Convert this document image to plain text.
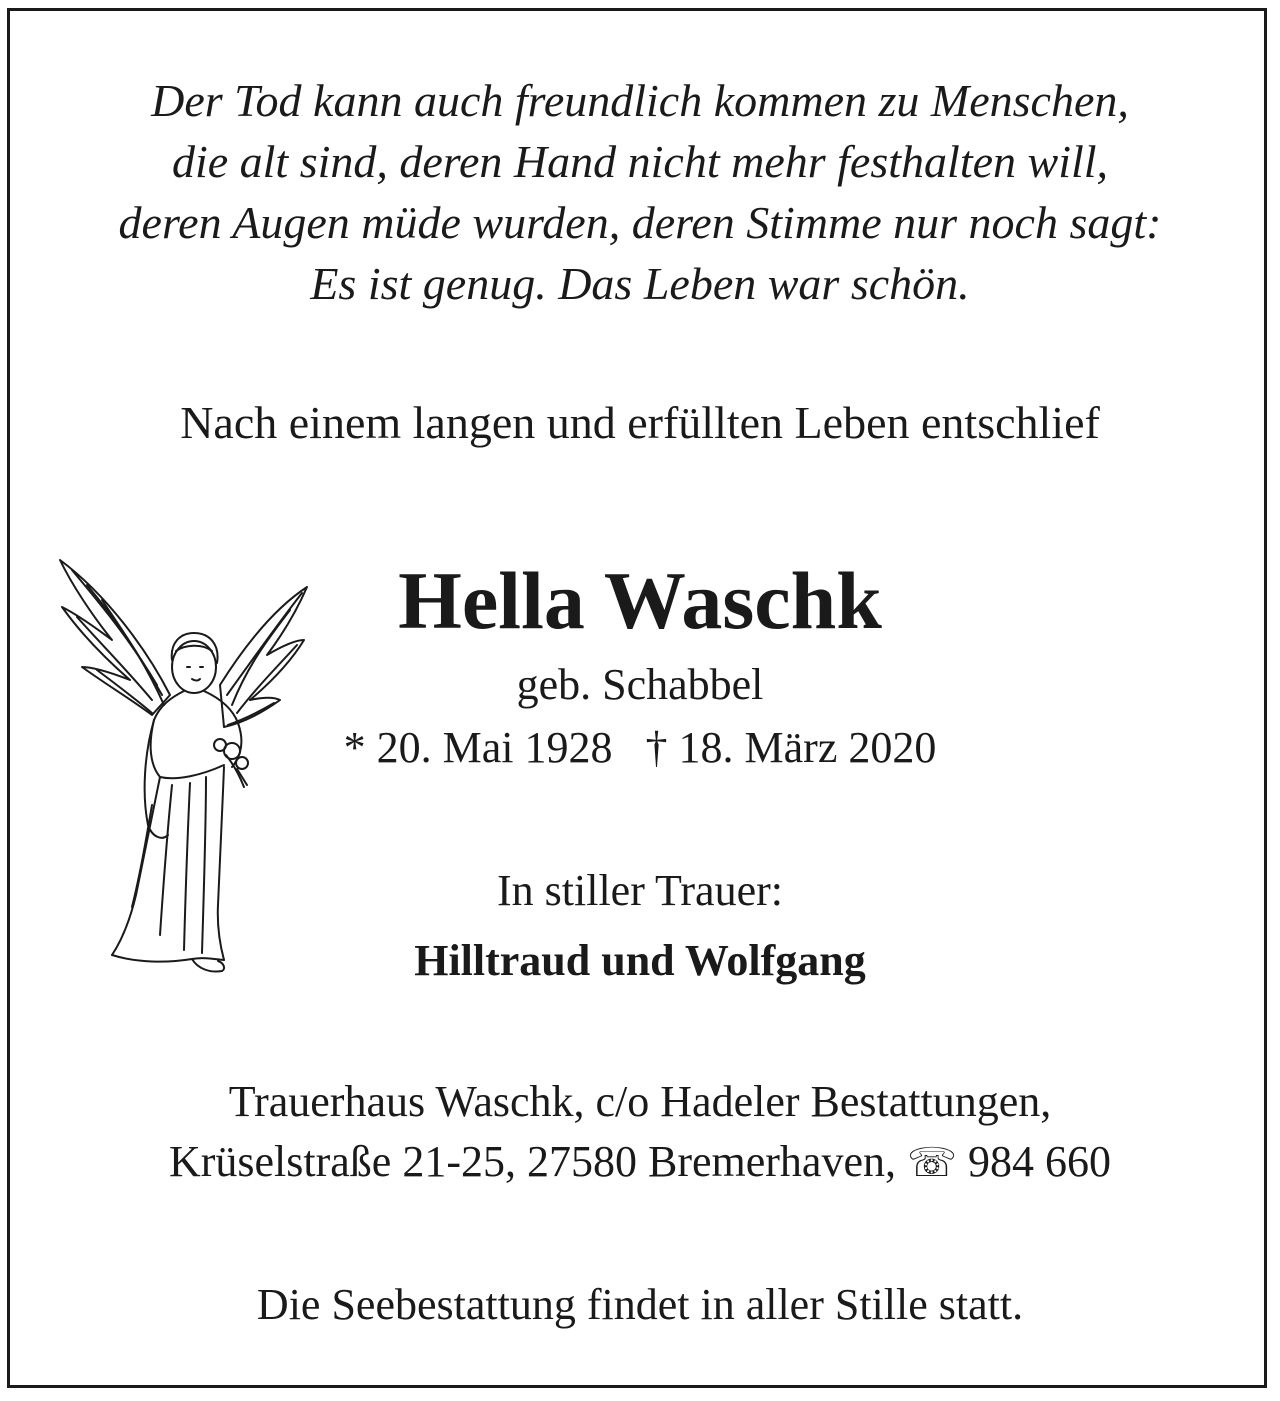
Der Tod kann auch freundlich kommen zu Menschen,
die alt sind, deren Hand nicht mehr festhalten will,
deren Augen müde wurden, deren Stimme nur noch sagt:
Es ist genug. Das Leben war schön.
Nach einem langen und erfüllten Leben entschlief
Hella Waschk
geb. Schabbel
* 20. Mai 1928   † 18. März 2020
In stiller Trauer:
Hilltraud und Wolfgang
Trauerhaus Waschk, c/o Hadeler Bestattungen,
Krüselstraße 21-25, 27580 Bremerhaven, ☏ 984 660
Die Seebestattung findet in aller Stille statt.
